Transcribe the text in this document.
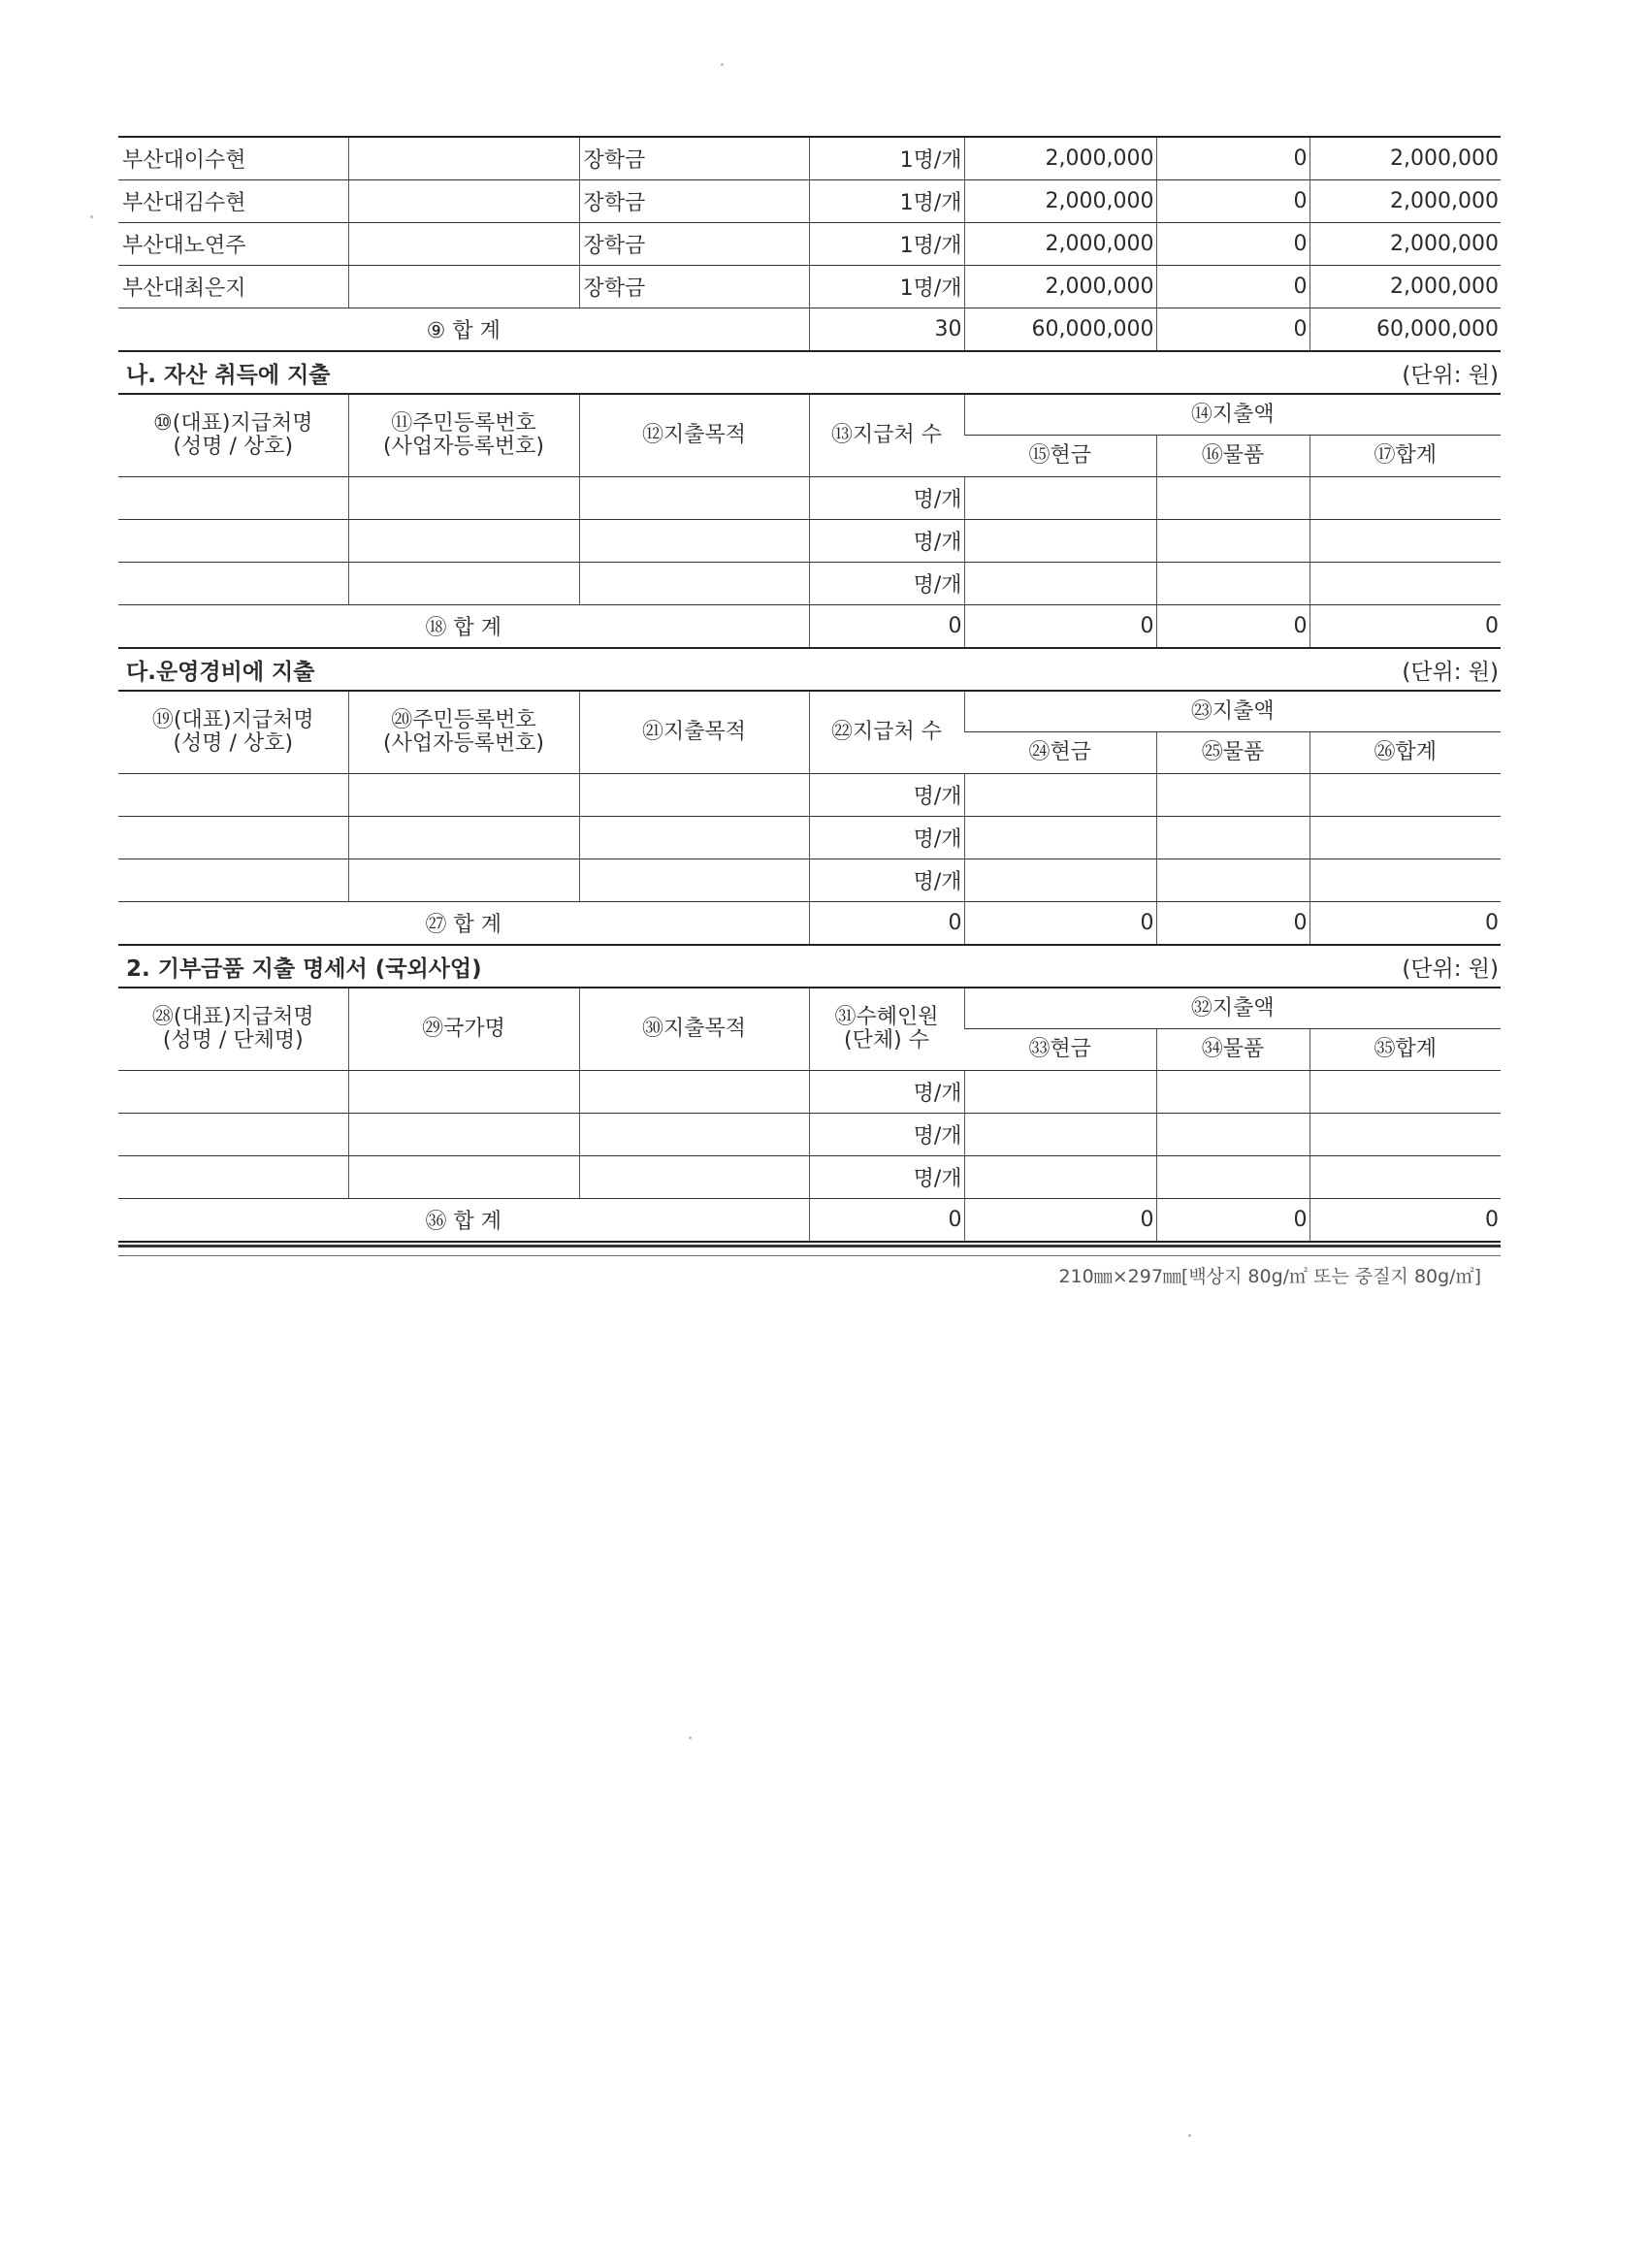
부산대이수현		장학금	1명/개	2,000,000	0	2,000,000
부산대김수현		장학금	1명/개	2,000,000	0	2,000,000
부산대노연주		장학금	1명/개	2,000,000	0	2,000,000
부산대최은지		장학금	1명/개	2,000,000	0	2,000,000
⑨ 합 계			30	60,000,000	0	60,000,000
나. 자산 취득에 지출	(단위: 원)
⑩(대표)지급처명
(성명 / 상호)	⑪주민등록번호
(사업자등록번호)	⑫지출목적	⑬지급처 수	⑭지출액		
				⑮현금	⑯물품	⑰합계
			명/개			
			명/개			
			명/개			
⑱ 합 계			0	0	0	0
다.운영경비에 지출	(단위: 원)
⑲(대표)지급처명
(성명 / 상호)	⑳주민등록번호
(사업자등록번호)	㉑지출목적	㉒지급처 수	㉓지출액		
				㉔현금	㉕물품	㉖합계
			명/개			
			명/개			
			명/개			
㉗ 합 계			0	0	0	0
2. 기부금품 지출 명세서 (국외사업)	(단위: 원)
㉘(대표)지급처명
(성명 / 단체명)	㉙국가명	㉚지출목적	㉛수혜인원
(단체) 수	㉜지출액		
				㉝현금	㉞물품	㉟합계
			명/개			
			명/개			
			명/개			
㊱ 합 계			0	0	0	0
210㎜×297㎜[백상지 80g/㎡ 또는 중질지 80g/㎡]
